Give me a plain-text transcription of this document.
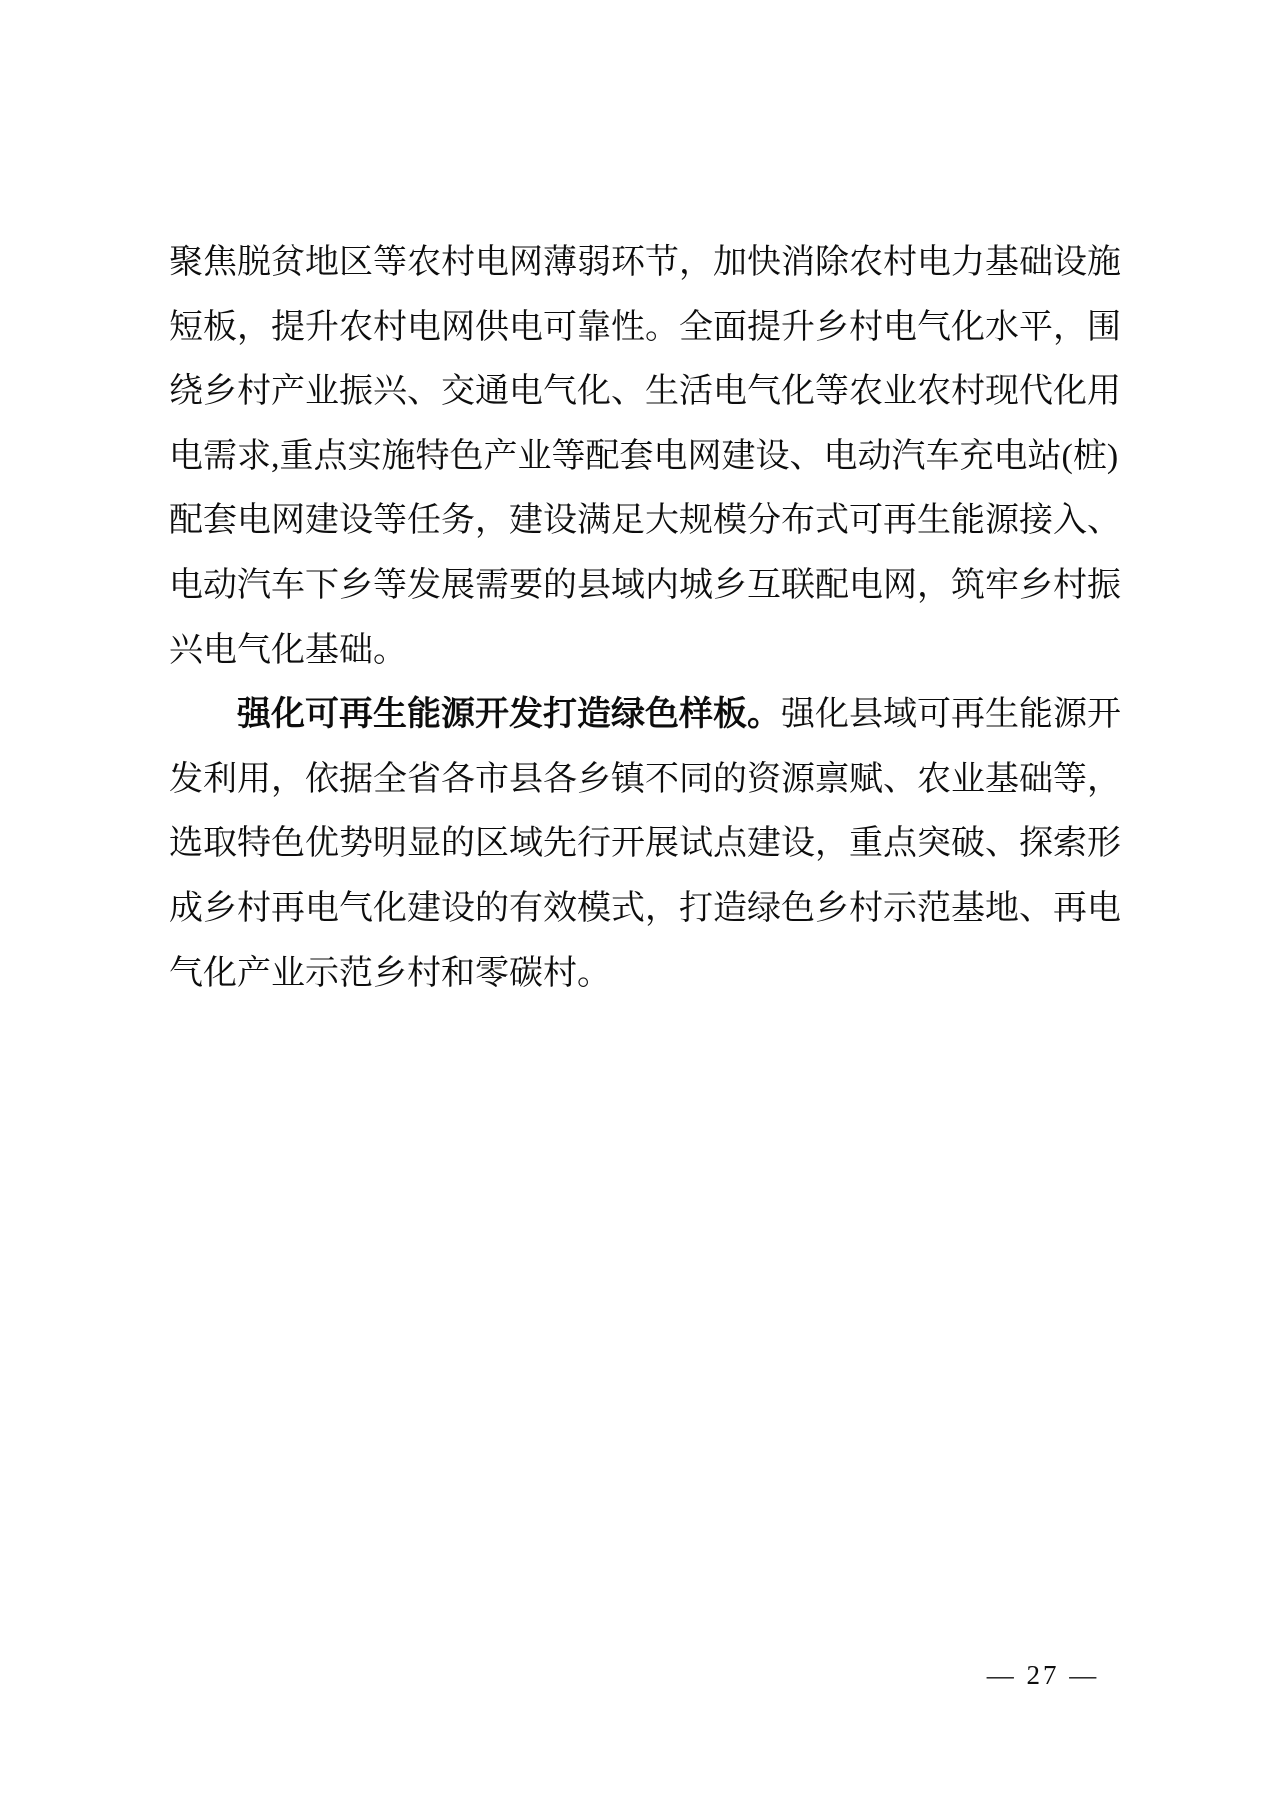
聚焦脱贫地区等农村电网薄弱环节，加快消除农村电力基础设施
短板，提升农村电网供电可靠性。全面提升乡村电气化水平，围
绕乡村产业振兴、交通电气化、生活电气化等农业农村现代化用
电需求,重点实施特色产业等配套电网建设、电动汽车充电站(桩)
配套电网建设等任务，建设满足大规模分布式可再生能源接入、
电动汽车下乡等发展需要的县域内城乡互联配电网，筑牢乡村振
兴电气化基础。
强化可再生能源开发打造绿色样板。强化县域可再生能源开
发利用，依据全省各市县各乡镇不同的资源禀赋、农业基础等，
选取特色优势明显的区域先行开展试点建设，重点突破、探索形
成乡村再电气化建设的有效模式，打造绿色乡村示范基地、再电
气化产业示范乡村和零碳村。
— 27 —
